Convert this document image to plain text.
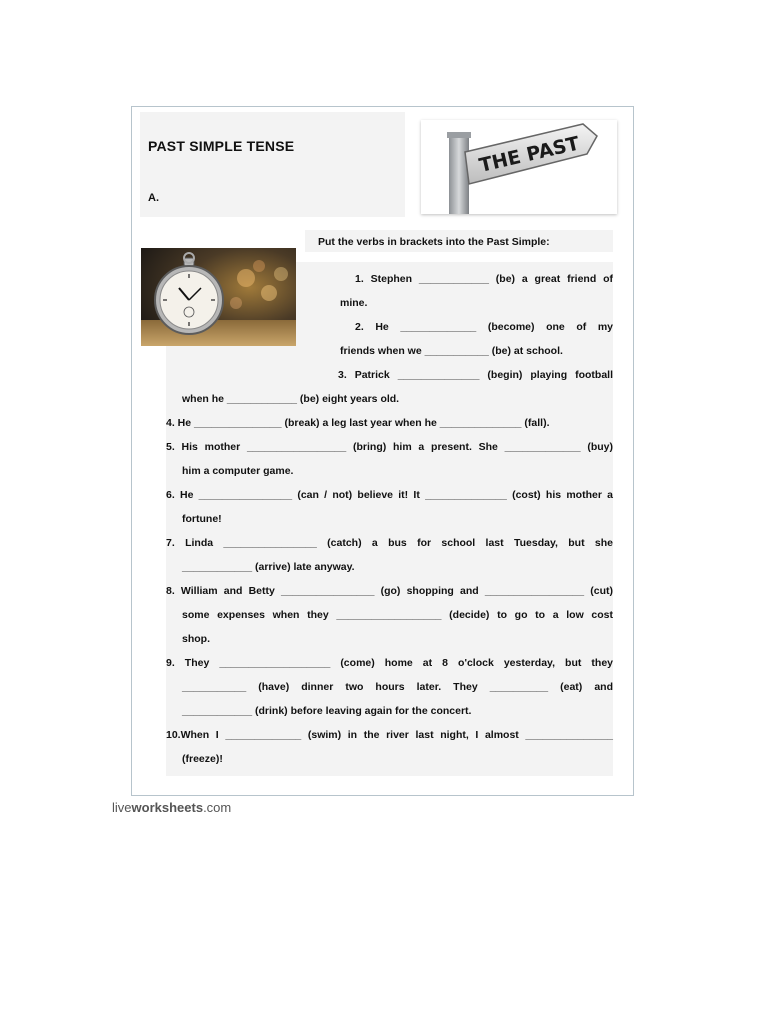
PAST SIMPLE TENSE
A.
THE PAST
Put the verbs in brackets into the Past Simple:
1. Stephen ____________ (be) a great friend of
mine.
2. He _____________ (become) one of my
friends when we ___________ (be) at school.
3. Patrick ______________ (begin) playing football
when he ____________ (be) eight years old.
4. He _______________ (break) a leg last year when he ______________ (fall).
5. His mother _________________ (bring) him a present. She _____________ (buy)
him a computer game.
6. He ________________ (can / not) believe it! It ______________ (cost) his mother a
fortune!
7. Linda ________________ (catch) a bus for school last Tuesday, but she
____________ (arrive) late anyway.
8. William and Betty ________________ (go) shopping and _________________ (cut)
some expenses when they __________________ (decide) to go to a low cost
shop.
9. They ___________________ (come) home at 8 o'clock yesterday, but they
___________ (have) dinner two hours later. They __________ (eat) and
____________ (drink) before leaving again for the concert.
10.When I _____________ (swim) in the river last night, I almost _______________
(freeze)!
liveworksheets.com
